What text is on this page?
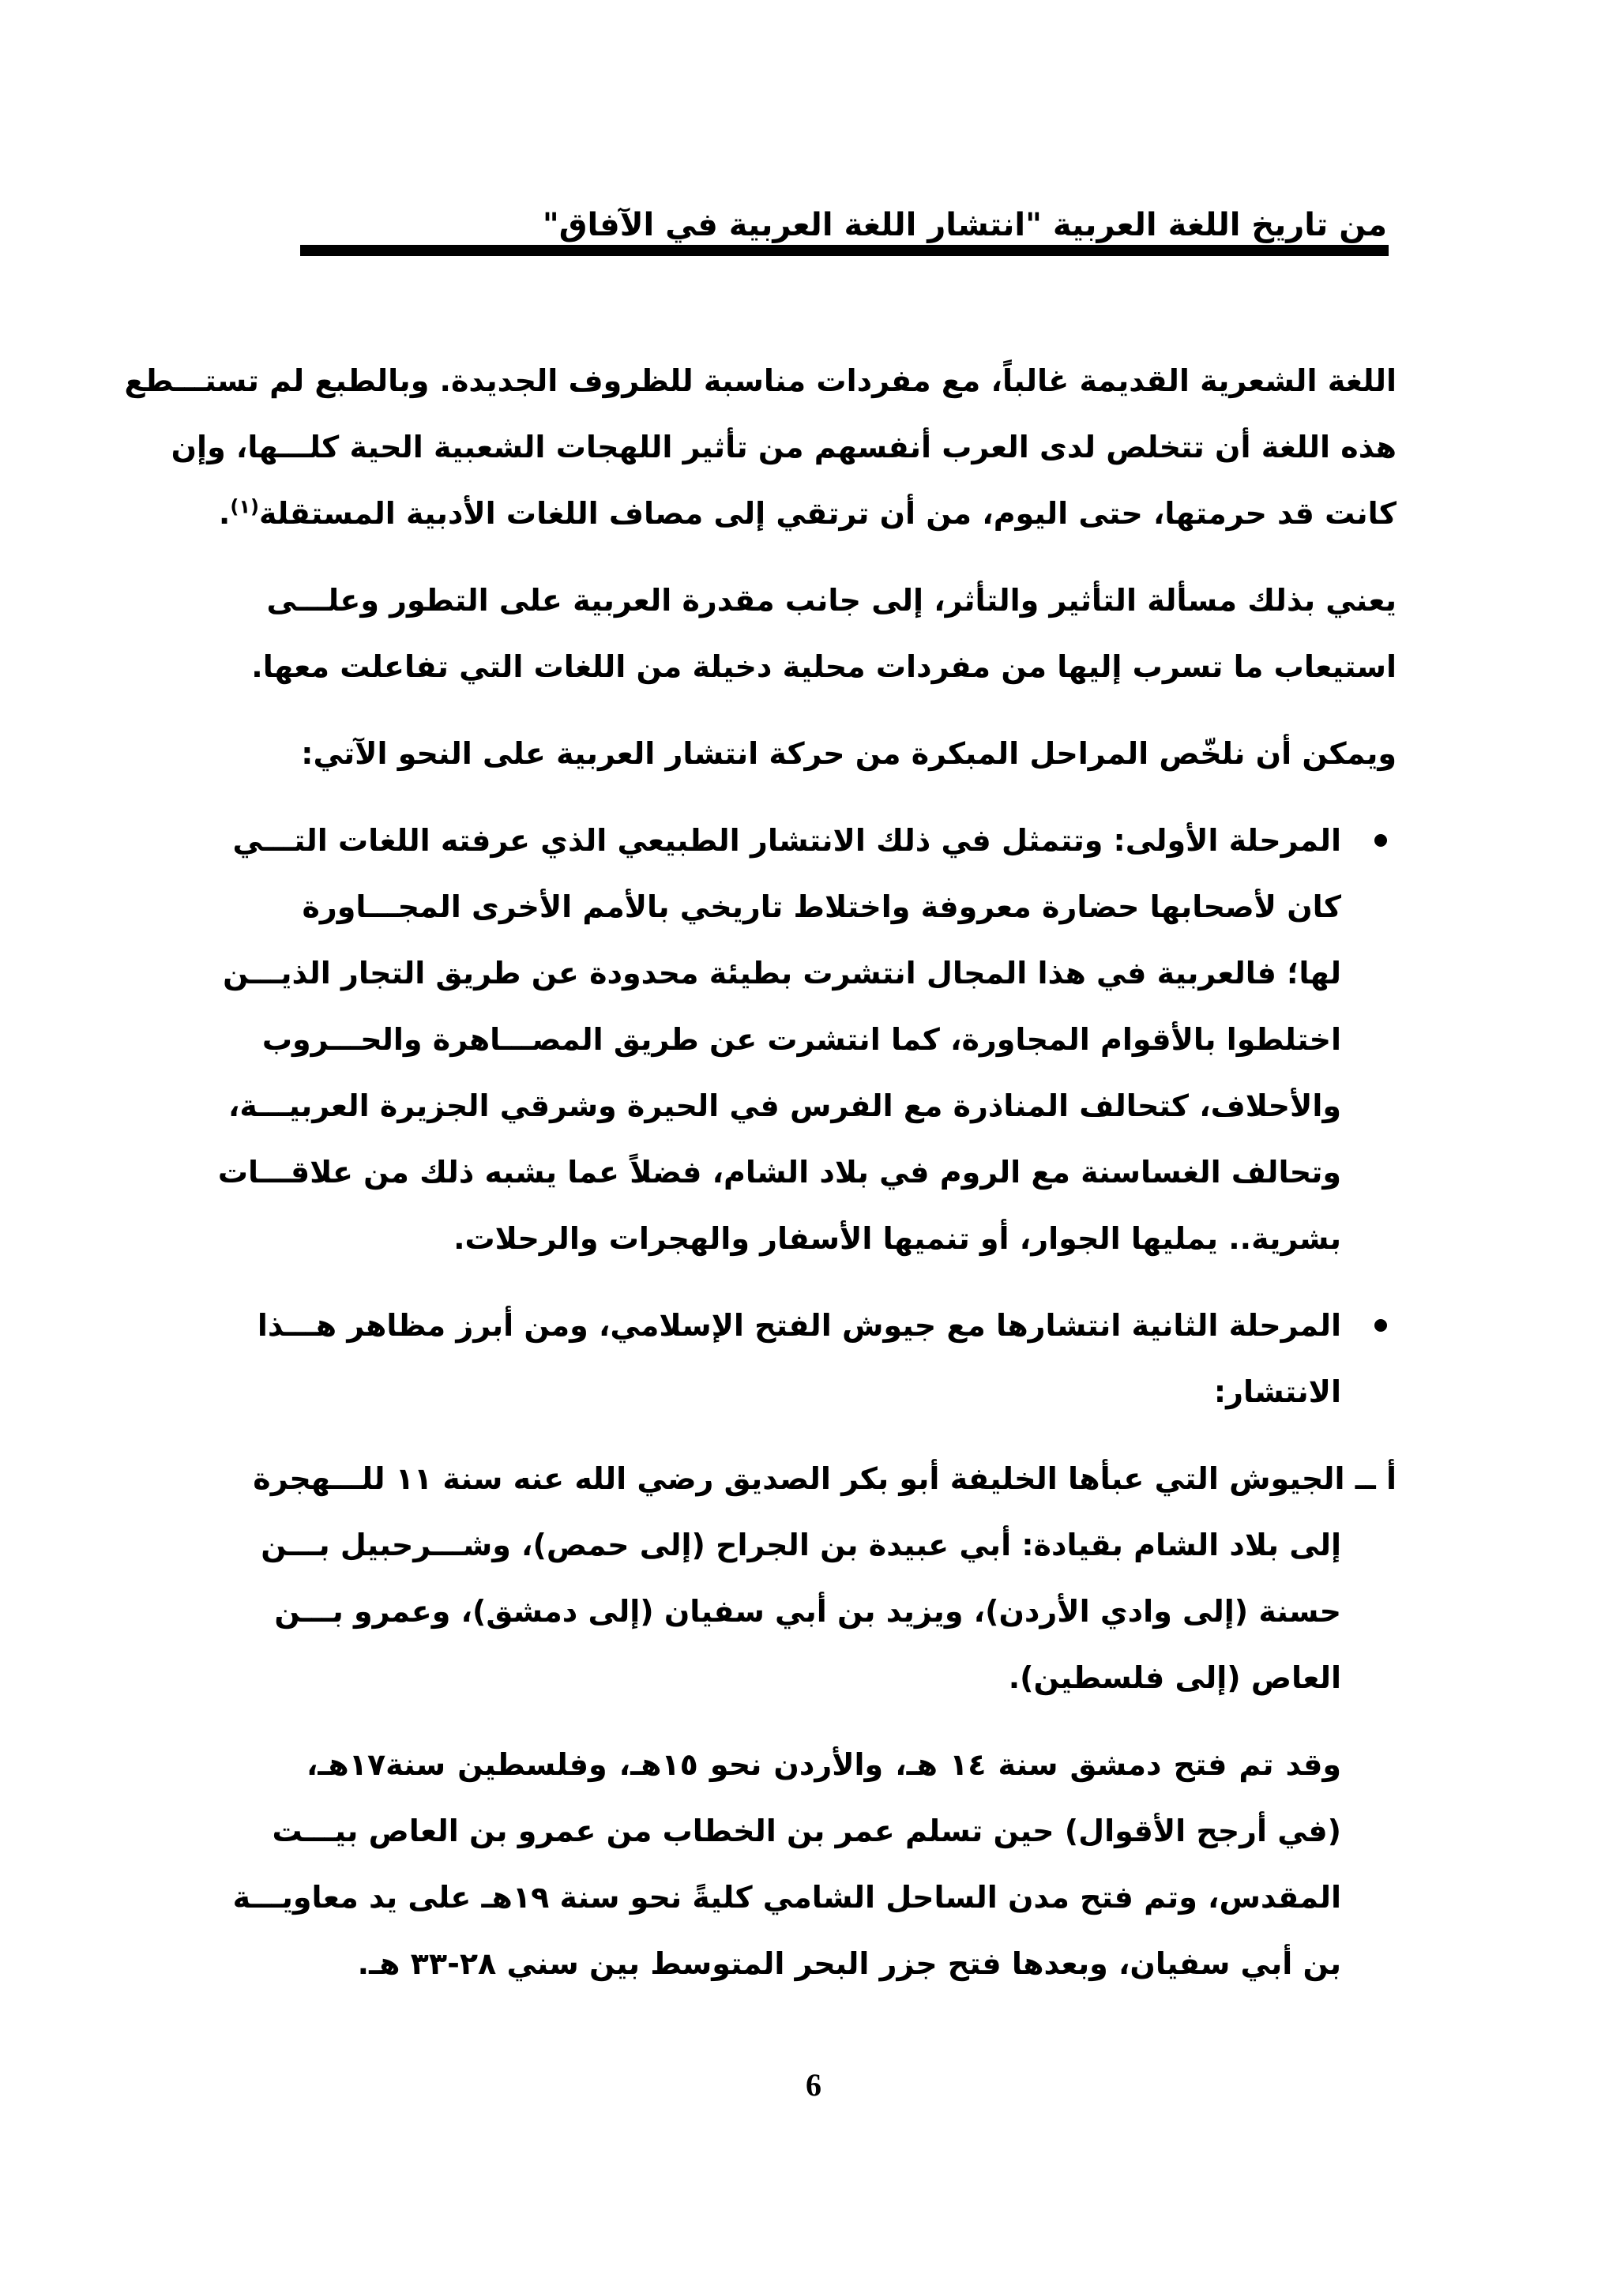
من تاريخ اللغة العربية "انتشار اللغة العربية في الآفاق"

اللغة الشعرية القديمة غالباً، مع مفردات مناسبة للظروف الجديدة. وبالطبع لم تستـــطع
هذه اللغة أن تتخلص لدى العرب أنفسهم من تأثير اللهجات الشعبية الحية كلـــها، وإن
كانت قد حرمتها، حتى اليوم، من أن ترتقي إلى مصاف اللغات الأدبية المستقلة$^{(١)}$.

يعني بذلك مسألة التأثير والتأثر، إلى جانب مقدرة العربية على التطور وعلـــى
استيعاب ما تسرب إليها من مفردات محلية دخيلة من اللغات التي تفاعلت معها.

ويمكن أن نلخّص المراحل المبكرة من حركة انتشار العربية على النحو الآتي:

المرحلة الأولى: وتتمثل في ذلك الانتشار الطبيعي الذي عرفته اللغات التـــي
كان لأصحابها حضارة معروفة واختلاط تاريخي بالأمم الأخرى المجـــاورة
لها؛ فالعربية في هذا المجال انتشرت بطيئة محدودة عن طريق التجار الذيـــن
اختلطوا بالأقوام المجاورة، كما انتشرت عن طريق المصـــاهرة والحـــروب
والأحلاف، كتحالف المناذرة مع الفرس في الحيرة وشرقي الجزيرة العربيـــة،
وتحالف الغساسنة مع الروم في بلاد الشام، فضلاً عما يشبه ذلك من علاقـــات
بشرية.. يمليها الجوار، أو تنميها الأسفار والهجرات والرحلات.

المرحلة الثانية انتشارها مع جيوش الفتح الإسلامي، ومن أبرز مظاهر هـــذا
الانتشار:

أ ــ الجيوش التي عبأها الخليفة أبو بكر الصديق رضي الله عنه سنة ١١ للـــهجرة
إلى بلاد الشام بقيادة: أبي عبيدة بن الجراح (إلى حمص)، وشـــرحبيل بـــن
حسنة (إلى وادي الأردن)، ويزيد بن أبي سفيان (إلى دمشق)، وعمرو بـــن
العاص (إلى فلسطين).

وقد تم فتح دمشق سنة ١٤ هـ، والأردن نحو ١٥هـ، وفلسطين سنة١٧هـ،
(في أرجح الأقوال) حين تسلم عمر بن الخطاب من عمرو بن العاص بيـــت
المقدس، وتم فتح مدن الساحل الشامي كليةً نحو سنة ١٩هـ على يد معاويـــة
بن أبي سفيان، وبعدها فتح جزر البحر المتوسط بين سني ٢٨-٣٣ هـ.

6
